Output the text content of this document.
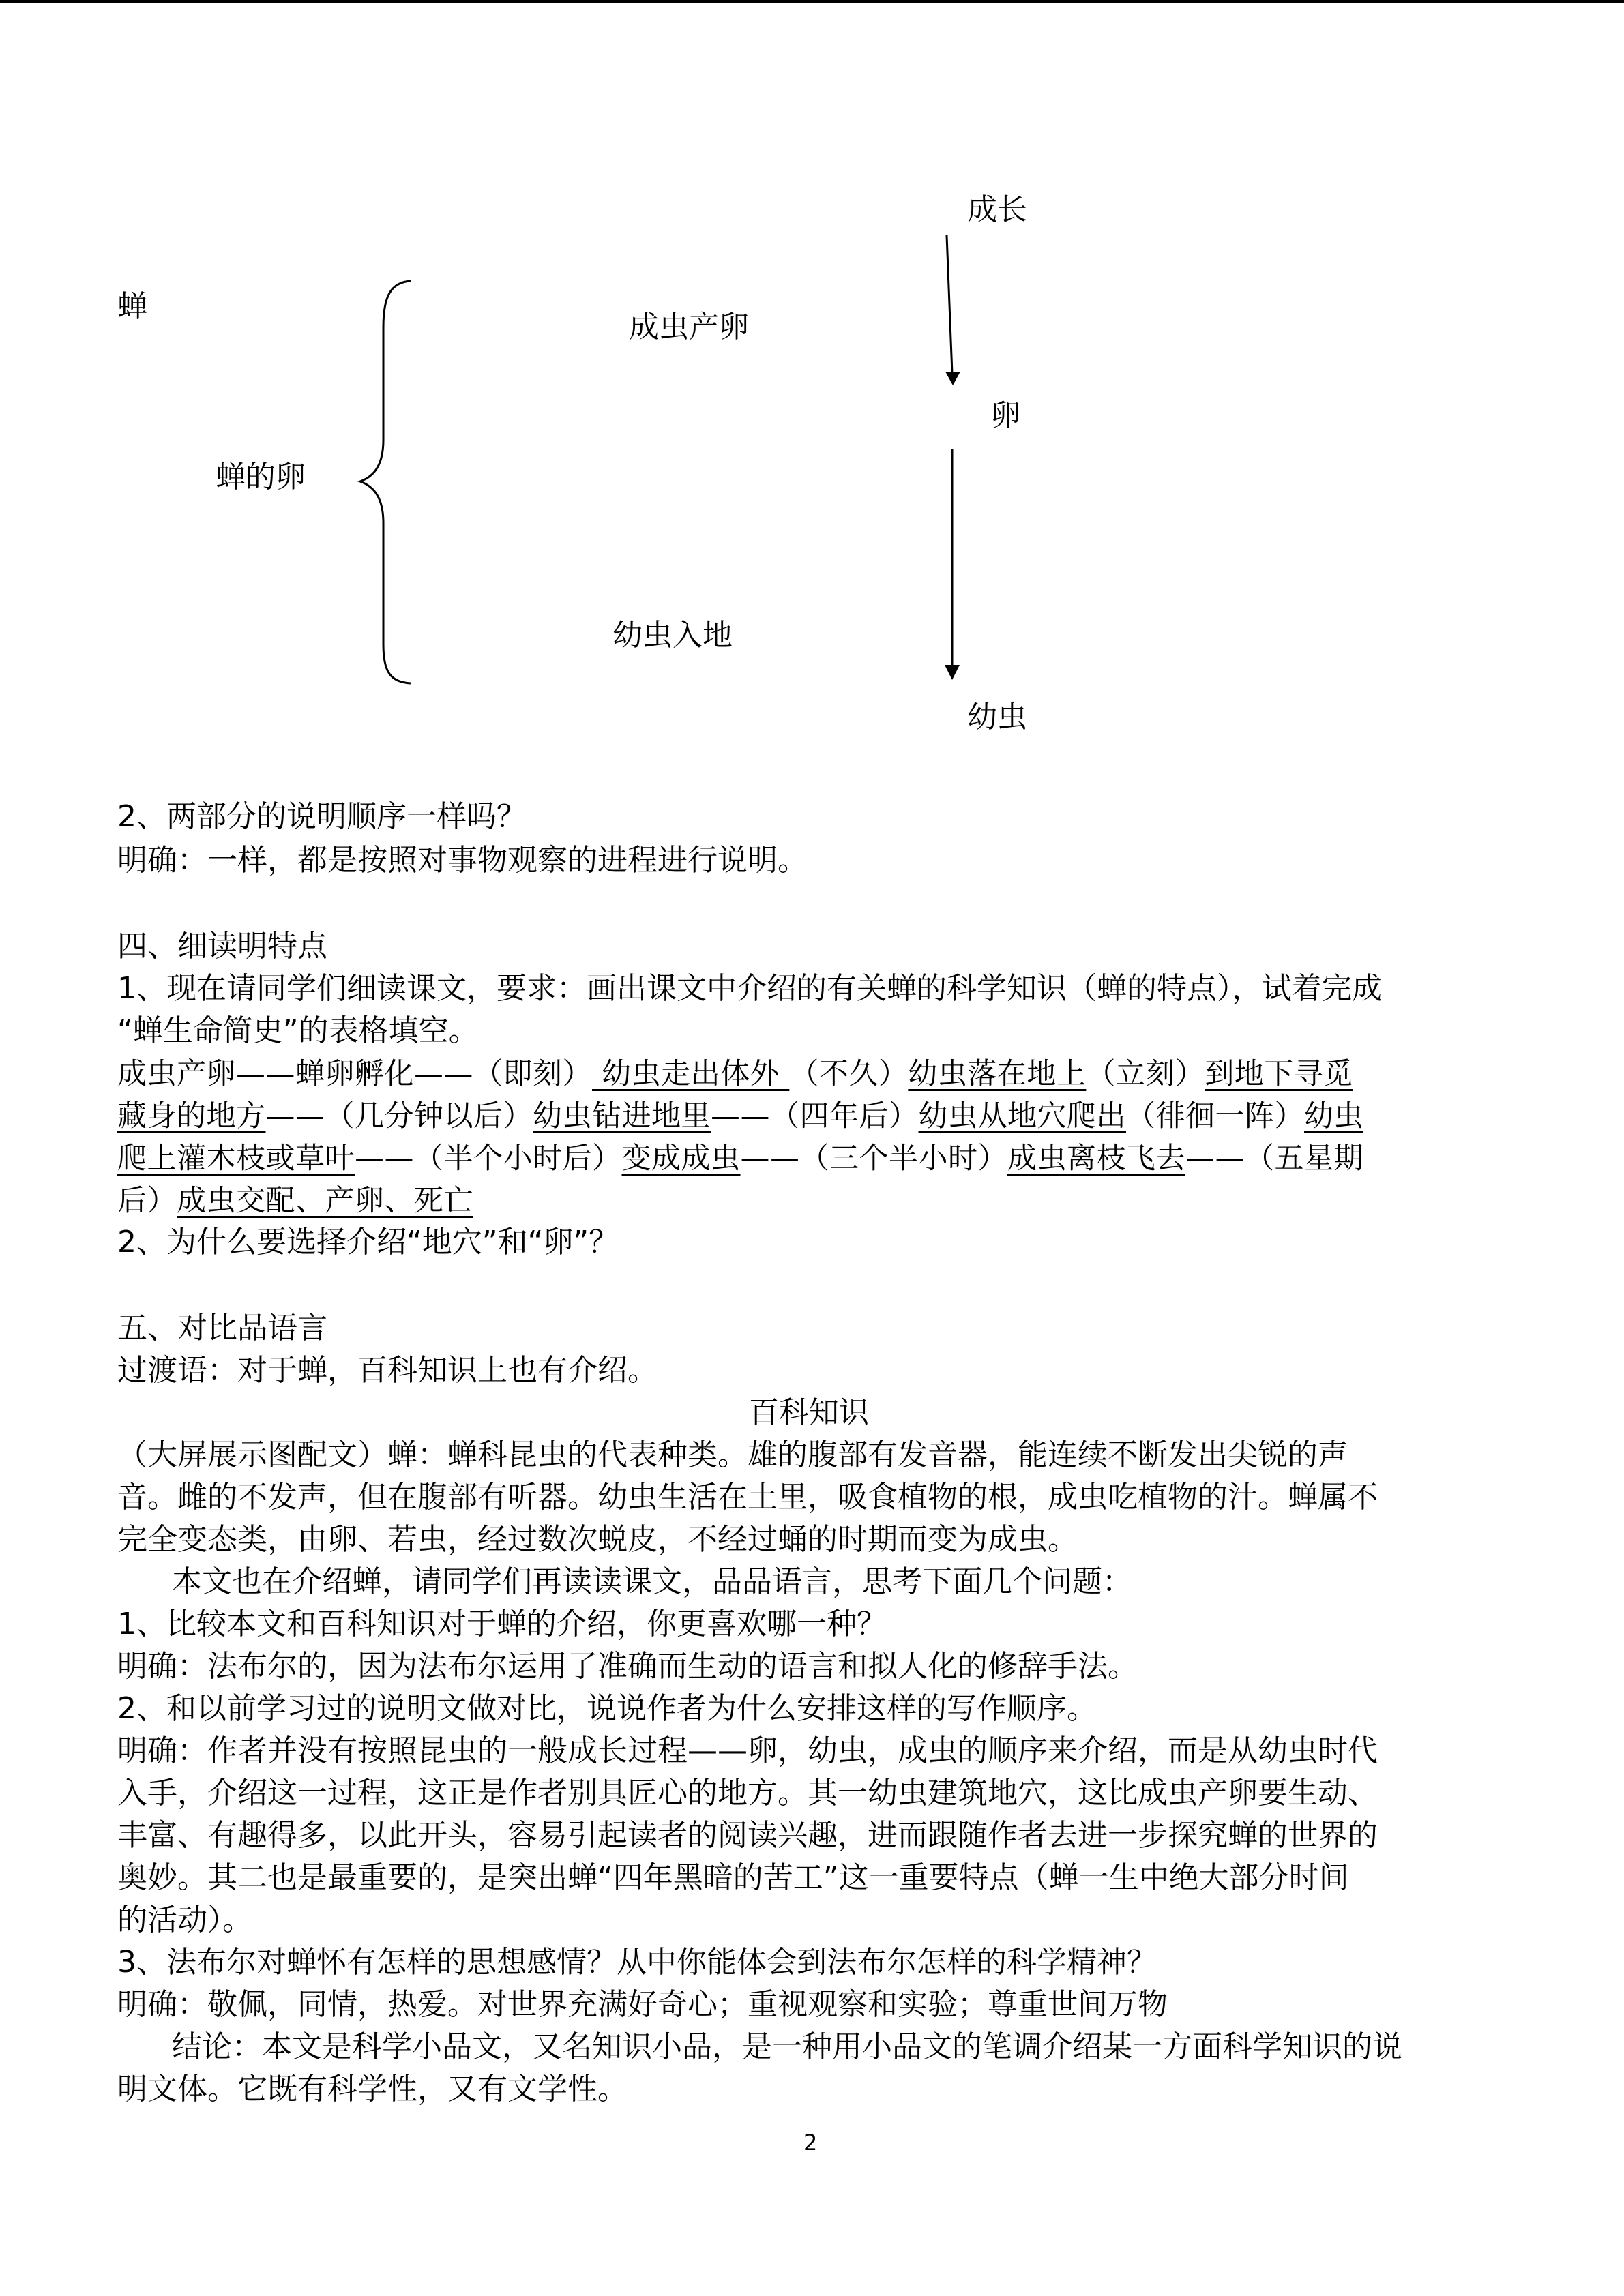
成长
蝉
成虫产卵
卵
蝉的卵
幼虫入地
幼虫
2、两部分的说明顺序一样吗？
明确：一样，都是按照对事物观察的进程进行说明。
四、细读明特点
1、现在请同学们细读课文，要求：画出课文中介绍的有关蝉的科学知识（蝉的特点），试着完成
“蝉生命简史”的表格填空。
成虫产卵——蝉卵孵化——（即刻） 幼虫走出体外 （不久）幼虫落在地上（立刻）到地下寻觅
藏身的地方——（几分钟以后）幼虫钻进地里——（四年后）幼虫从地穴爬出（徘徊一阵）幼虫
爬上灌木枝或草叶——（半个小时后）变成成虫——（三个半小时）成虫离枝飞去——（五星期
后）成虫交配、产卵、死亡
2、为什么要选择介绍“地穴”和“卵”？
五、对比品语言
过渡语：对于蝉，百科知识上也有介绍。
百科知识
（大屏展示图配文）蝉：蝉科昆虫的代表种类。雄的腹部有发音器，能连续不断发出尖锐的声
音。雌的不发声，但在腹部有听器。幼虫生活在土里，吸食植物的根，成虫吃植物的汁。蝉属不
完全变态类，由卵、若虫，经过数次蜕皮，不经过蛹的时期而变为成虫。
本文也在介绍蝉，请同学们再读读课文，品品语言，思考下面几个问题：
1、比较本文和百科知识对于蝉的介绍，你更喜欢哪一种？
明确：法布尔的，因为法布尔运用了准确而生动的语言和拟人化的修辞手法。
2、和以前学习过的说明文做对比，说说作者为什么安排这样的写作顺序。
明确：作者并没有按照昆虫的一般成长过程——卵，幼虫，成虫的顺序来介绍，而是从幼虫时代
入手，介绍这一过程，这正是作者别具匠心的地方。其一幼虫建筑地穴，这比成虫产卵要生动、
丰富、有趣得多，以此开头，容易引起读者的阅读兴趣，进而跟随作者去进一步探究蝉的世界的
奥妙。其二也是最重要的，是突出蝉“四年黑暗的苦工”这一重要特点（蝉一生中绝大部分时间
的活动）。
3、法布尔对蝉怀有怎样的思想感情？从中你能体会到法布尔怎样的科学精神？
明确：敬佩，同情，热爱。对世界充满好奇心；重视观察和实验；尊重世间万物
结论：本文是科学小品文，又名知识小品，是一种用小品文的笔调介绍某一方面科学知识的说
明文体。它既有科学性，又有文学性。
2
